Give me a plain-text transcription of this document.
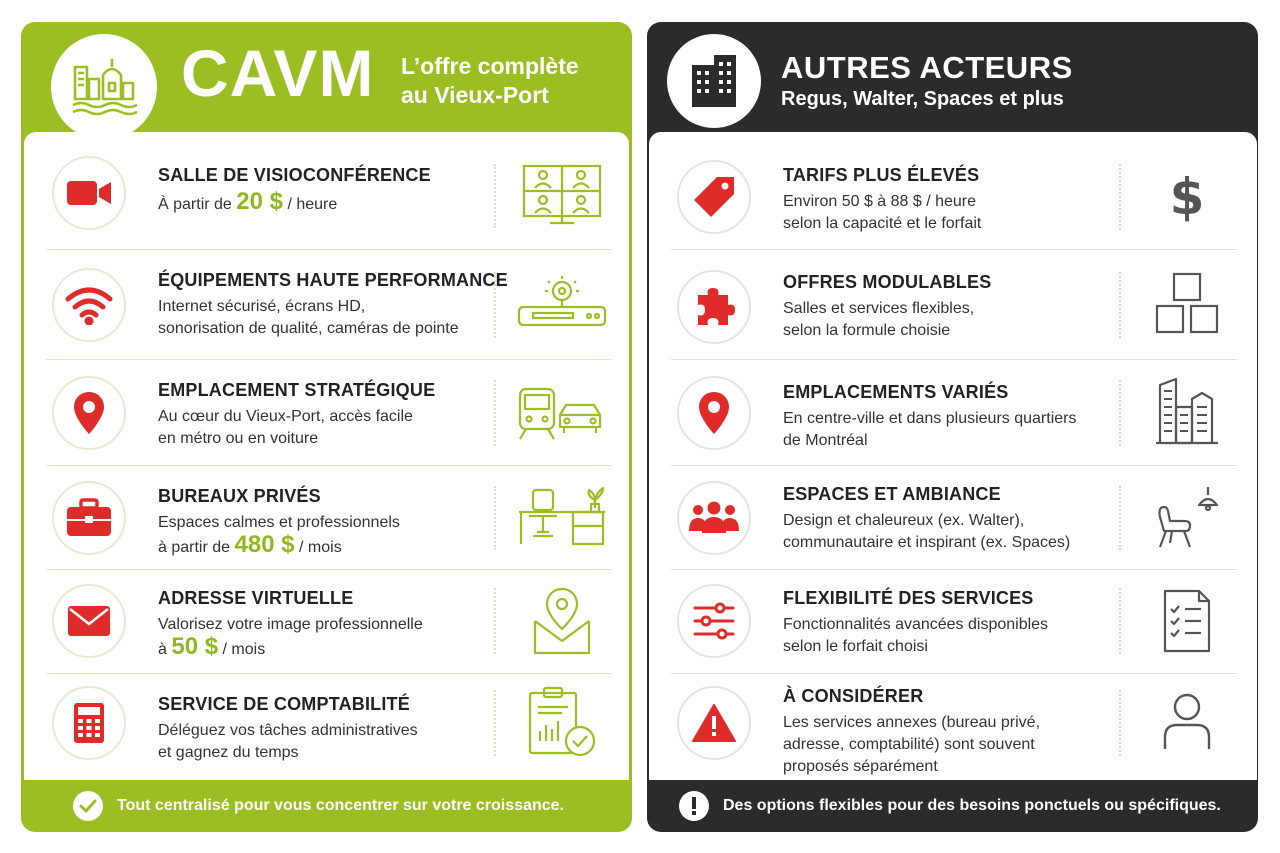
CAVM L’offre complète
au Vieux-Port
SALLE DE VISIOCONFÉRENCE
À partir de 20 $ / heure
ÉQUIPEMENTS HAUTE PERFORMANCE
Internet sécurisé, écrans HD,
sonorisation de qualité, caméras de pointe
EMPLACEMENT STRATÉGIQUE
Au cœur du Vieux-Port, accès facile
en métro ou en voiture
BUREAUX PRIVÉS
Espaces calmes et professionnels
à partir de 480 $ / mois
ADRESSE VIRTUELLE
Valorisez votre image professionnelle
à 50 $ / mois
SERVICE DE COMPTABILITÉ
Déléguez vos tâches administratives
et gagnez du temps
Tout centralisé pour vous concentrer sur votre croissance.
AUTRES ACTEURS
Regus, Walter, Spaces et plus
TARIFS PLUS ÉLEVÉS
Environ 50 $ à 88 $ / heure
selon la capacité et le forfait	$
OFFRES MODULABLES
Salles et services flexibles,
selon la formule choisie
EMPLACEMENTS VARIÉS
En centre-ville et dans plusieurs quartiers
de Montréal
ESPACES ET AMBIANCE
Design et chaleureux (ex. Walter),
communautaire et inspirant (ex. Spaces)
FLEXIBILITÉ DES SERVICES
Fonctionnalités avancées disponibles
selon le forfait choisi
À CONSIDÉRER
Les services annexes (bureau privé,
adresse, comptabilité) sont souvent
proposés séparément
Des options flexibles pour des besoins ponctuels ou spécifiques.
